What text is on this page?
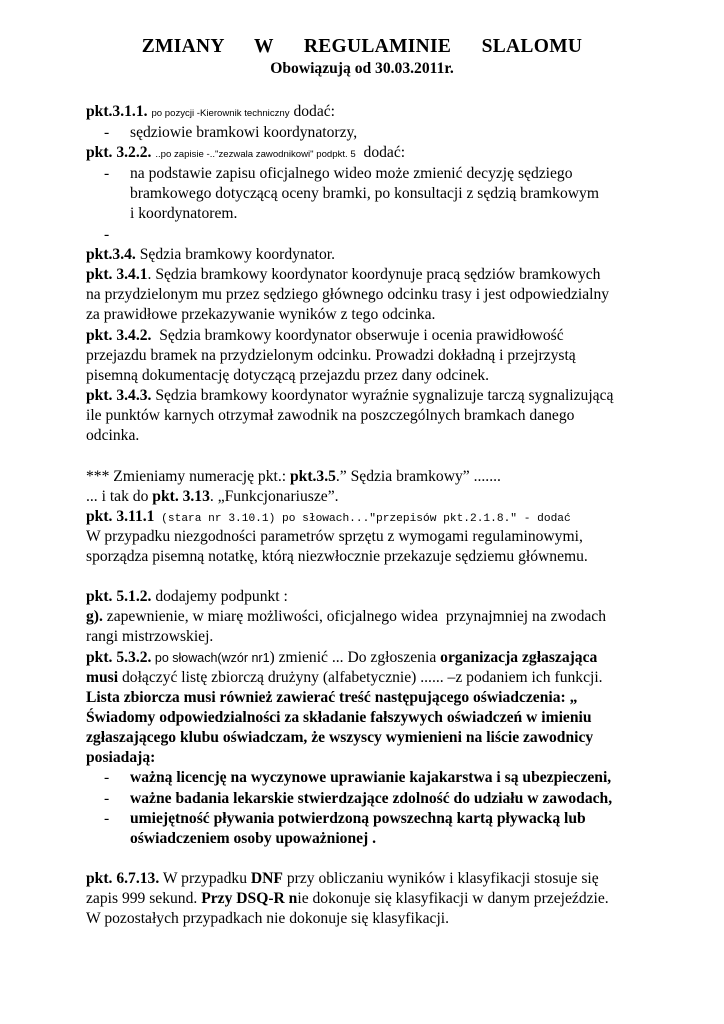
ZMIANY  W  REGULAMINIE  SLALOMU
Obowiązują od 30.03.2011r.
pkt.3.1.1. po pozycji -Kierownik techniczny dodać:
- sędziowie bramkowi koordynatorzy,
pkt. 3.2.2. ..po zapisie -.."zezwala zawodnikowi" podpkt. 5  dodać:
- na podstawie zapisu oficjalnego wideo może zmienić decyzję sędziego
bramkowego dotyczącą oceny bramki, po konsultacji z sędzią bramkowym
i koordynatorem.
-
pkt.3.4. Sędzia bramkowy koordynator.
pkt. 3.4.1. Sędzia bramkowy koordynator koordynuje pracą sędziów bramkowych
na przydzielonym mu przez sędziego głównego odcinku trasy i jest odpowiedzialny
za prawidłowe przekazywanie wyników z tego odcinka.
pkt. 3.4.2.  Sędzia bramkowy koordynator obserwuje i ocenia prawidłowość
przejazdu bramek na przydzielonym odcinku. Prowadzi dokładną i przejrzystą
pisemną dokumentację dotyczącą przejazdu przez dany odcinek.
pkt. 3.4.3. Sędzia bramkowy koordynator wyraźnie sygnalizuje tarczą sygnalizującą
ile punktów karnych otrzymał zawodnik na poszczególnych bramkach danego
odcinka.
*** Zmieniamy numerację pkt.: pkt.3.5.” Sędzia bramkowy” .......
... i tak do pkt. 3.13. „Funkcjonariusze”.
pkt. 3.11.1 (stara nr 3.10.1) po słowach..."przepisów pkt.2.1.8." - dodać
W przypadku niezgodności parametrów sprzętu z wymogami regulaminowymi,
sporządza pisemną notatkę, którą niezwłocznie przekazuje sędziemu głównemu.
pkt. 5.1.2. dodajemy podpunkt :
g). zapewnienie, w miarę możliwości, oficjalnego widea  przynajmniej na zwodach
rangi mistrzowskiej.
pkt. 5.3.2. po słowach(wzór nr1) zmienić ... Do zgłoszenia organizacja zgłaszająca
musi dołączyć listę zbiorczą drużyny (alfabetycznie) ...... –z podaniem ich funkcji.
Lista zbiorcza musi również zawierać treść następującego oświadczenia: „
Świadomy odpowiedzialności za składanie fałszywych oświadczeń w imieniu
zgłaszającego klubu oświadczam, że wszyscy wymienieni na liście zawodnicy
posiadają:
- ważną licencję na wyczynowe uprawianie kajakarstwa i są ubezpieczeni,
- ważne badania lekarskie stwierdzające zdolność do udziału w zawodach,
- umiejętność pływania potwierdzoną powszechną kartą pływacką lub
oświadczeniem osoby upoważnionej .
pkt. 6.7.13. W przypadku DNF przy obliczaniu wyników i klasyfikacji stosuje się
zapis 999 sekund. Przy DSQ-R nie dokonuje się klasyfikacji w danym przejeździe.
W pozostałych przypadkach nie dokonuje się klasyfikacji.
